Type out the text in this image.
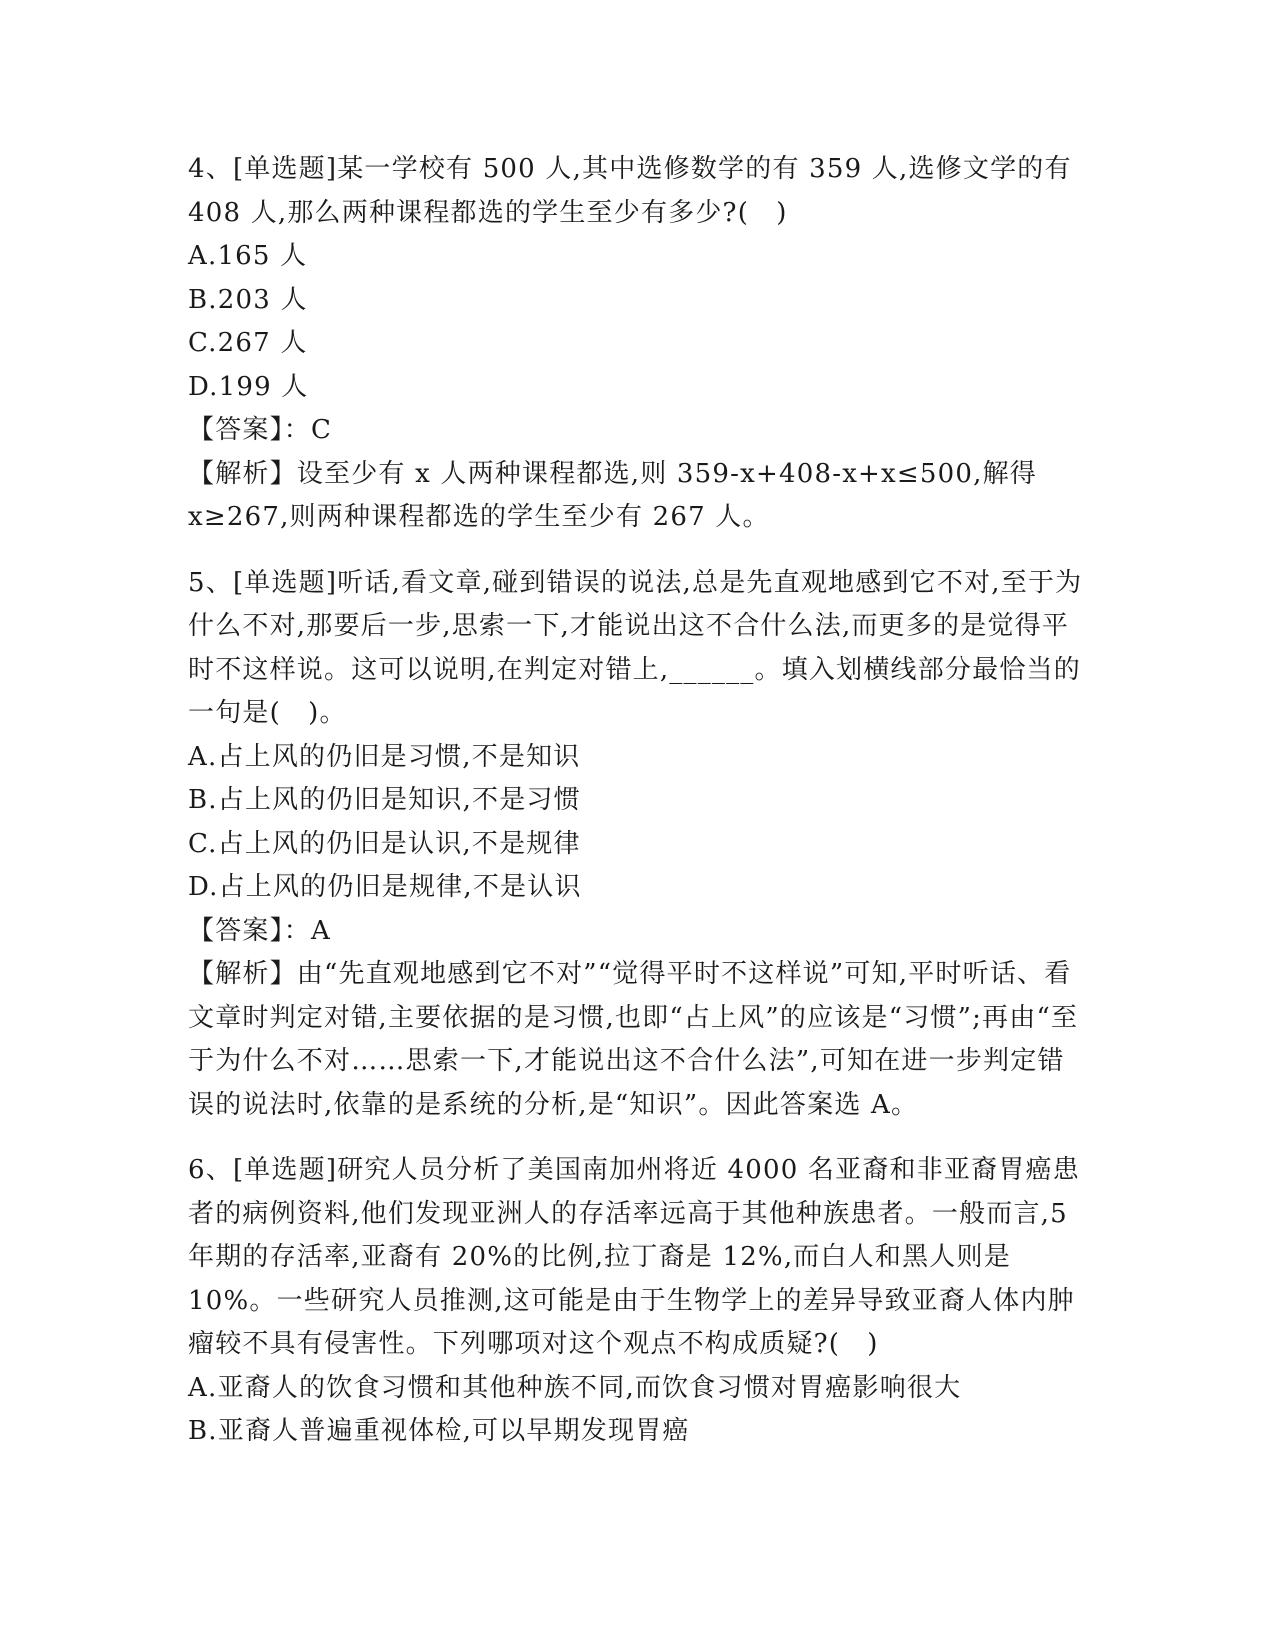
4、[单选题]某一学校有 500 人,其中选修数学的有 359 人,选修文学的有 408 人,那么两种课程都选的学生至少有多少?(　)
A.165 人
B.203 人
C.267 人
D.199 人
【答案】：C
【解析】设至少有 x 人两种课程都选,则 359-x+408-x+x≤500,解得 x≥267,则两种课程都选的学生至少有 267 人。
5、[单选题]听话,看文章,碰到错误的说法,总是先直观地感到它不对,至于为什么不对,那要后一步,思索一下,才能说出这不合什么法,而更多的是觉得平时不这样说。这可以说明,在判定对错上,______。填入划横线部分最恰当的一句是(　)。
A.占上风的仍旧是习惯,不是知识
B.占上风的仍旧是知识,不是习惯
C.占上风的仍旧是认识,不是规律
D.占上风的仍旧是规律,不是认识
【答案】：A
【解析】由“先直观地感到它不对”“觉得平时不这样说”可知,平时听话、看文章时判定对错,主要依据的是习惯,也即“占上风”的应该是“习惯”;再由“至于为什么不对……思索一下,才能说出这不合什么法”,可知在进一步判定错误的说法时,依靠的是系统的分析,是“知识”。因此答案选 A。
6、[单选题]研究人员分析了美国南加州将近 4000 名亚裔和非亚裔胃癌患者的病例资料,他们发现亚洲人的存活率远高于其他种族患者。一般而言,5 年期的存活率,亚裔有 20%的比例,拉丁裔是 12%,而白人和黑人则是 10%。一些研究人员推测,这可能是由于生物学上的差异导致亚裔人体内肿瘤较不具有侵害性。下列哪项对这个观点不构成质疑?(　)
A.亚裔人的饮食习惯和其他种族不同,而饮食习惯对胃癌影响很大
B.亚裔人普遍重视体检,可以早期发现胃癌
